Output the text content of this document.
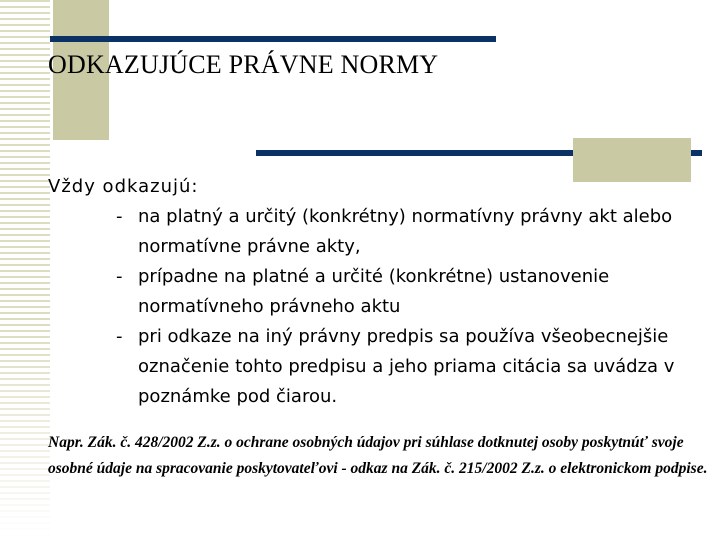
ODKAZUJÚCE PRÁVNE NORMY

Vždy odkazujú:

- na platný a určitý (konkrétny) normatívny právny akt alebo normatívne právne akty,
- prípadne na platné a určité (konkrétne) ustanovenie normatívneho právneho aktu
- pri odkaze na iný právny predpis sa používa všeobecnejšie označenie tohto predpisu a jeho priama citácia sa uvádza v poznámke pod čiarou.

Napr. Zák. č. 428/2002 Z.z. o ochrane osobných údajov pri súhlase dotknutej osoby poskytnúť svoje osobné údaje na spracovanie poskytovateľovi - odkaz na Zák. č. 215/2002 Z.z. o elektronickom podpise.
